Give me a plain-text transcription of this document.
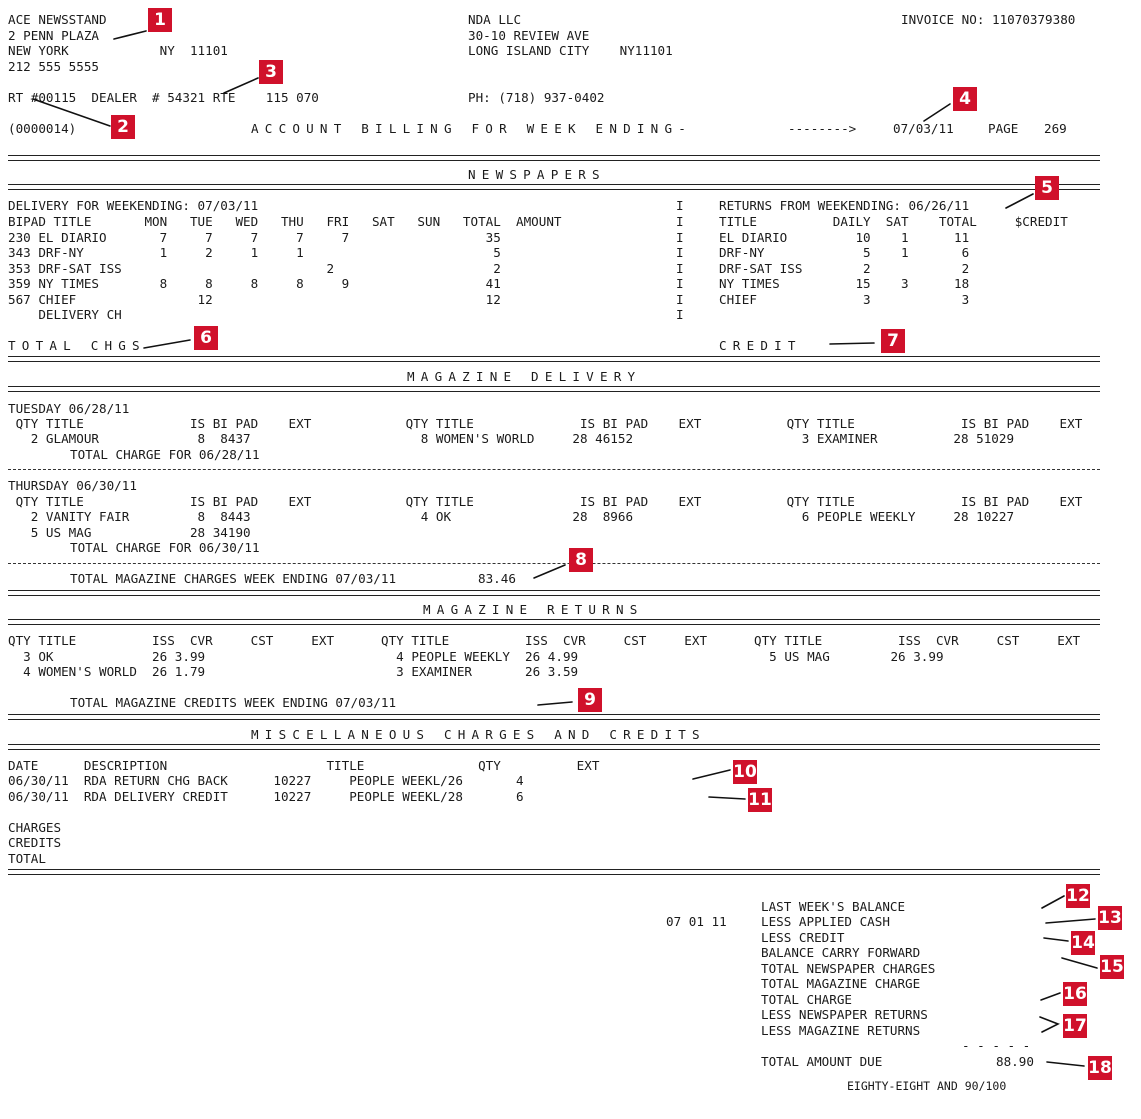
ACE NEWSSTAND
2 PENN PLAZA
NEW YORK            NY  11101
212 555 5555
NDA LLC
30-10 REVIEW AVE
LONG ISLAND CITY    NY11101
INVOICE NO: 11070379380
RT #00115  DEALER  # 54321 RTE    115 070	PH: (718) 937-0402
(0000014)	ACCOUNT BILLING FOR WEEK ENDING-	-------->	07/03/11	PAGE 269
NEWSPAPERS
DELIVERY FOR WEEKENDING: 07/03/11
BIPAD TITLE       MON   TUE   WED   THU   FRI   SAT   SUN   TOTAL  AMOUNT
230 EL DIARIO       7     7     7     7     7                  35
343 DRF-NY          1     2     1     1                         5
353 DRF-SAT ISS                           2                     2
359 NY TIMES        8     8     8     8     9                  41
567 CHIEF                12                                    12
DELIVERY CH
I
I
I
I
I
I
I
I
RETURNS FROM WEEKENDING: 06/26/11
TITLE          DAILY  SAT    TOTAL     $CREDIT
EL DIARIO         10    1      11
DRF-NY             5    1       6
DRF-SAT ISS        2            2
NY TIMES          15    3      18
CHIEF              3            3
TOTAL CHGS	CREDIT
MAGAZINE DELIVERY
TUESDAY 06/28/11
QTY TITLE              IS BI PAD    EXT	QTY TITLE              IS BI PAD    EXT	QTY TITLE              IS BI PAD    EXT
2 GLAMOUR             8  8437	8 WOMEN'S WORLD     28 46152	3 EXAMINER          28 51029
TOTAL CHARGE FOR 06/28/11
THURSDAY 06/30/11
QTY TITLE              IS BI PAD    EXT	QTY TITLE              IS BI PAD    EXT	QTY TITLE              IS BI PAD    EXT
2 VANITY FAIR         8  8443	4 OK                28  8966	6 PEOPLE WEEKLY     28 10227
5 US MAG             28 34190
TOTAL CHARGE FOR 06/30/11
TOTAL MAGAZINE CHARGES WEEK ENDING 07/03/11	83.46
MAGAZINE RETURNS
QTY TITLE          ISS  CVR     CST     EXT	QTY TITLE          ISS  CVR     CST     EXT	QTY TITLE          ISS  CVR     CST     EXT
3 OK             26 3.99	4 PEOPLE WEEKLY  26 4.99	5 US MAG        26 3.99
4 WOMEN'S WORLD  26 1.79	3 EXAMINER       26 3.59
TOTAL MAGAZINE CREDITS WEEK ENDING 07/03/11
MISCELLANEOUS CHARGES AND CREDITS
DATE      DESCRIPTION                     TITLE               QTY          EXT
06/30/11  RDA RETURN CHG BACK      10227     PEOPLE WEEKL/26       4
06/30/11  RDA DELIVERY CREDIT      10227     PEOPLE WEEKL/28       6
CHARGES
CREDITS
TOTAL
07 01 11
LAST WEEK'S BALANCE
LESS APPLIED CASH
LESS CREDIT
BALANCE CARRY FORWARD
TOTAL NEWSPAPER CHARGES
TOTAL MAGAZINE CHARGE
TOTAL CHARGE
LESS NEWSPAPER RETURNS
LESS MAGAZINE RETURNS
- - - - -
TOTAL AMOUNT DUE	88.90
EIGHTY-EIGHT AND 90/100
1
2
3
4
5
6	7
8
9
10
11
12
13
14
15
16
17
18
